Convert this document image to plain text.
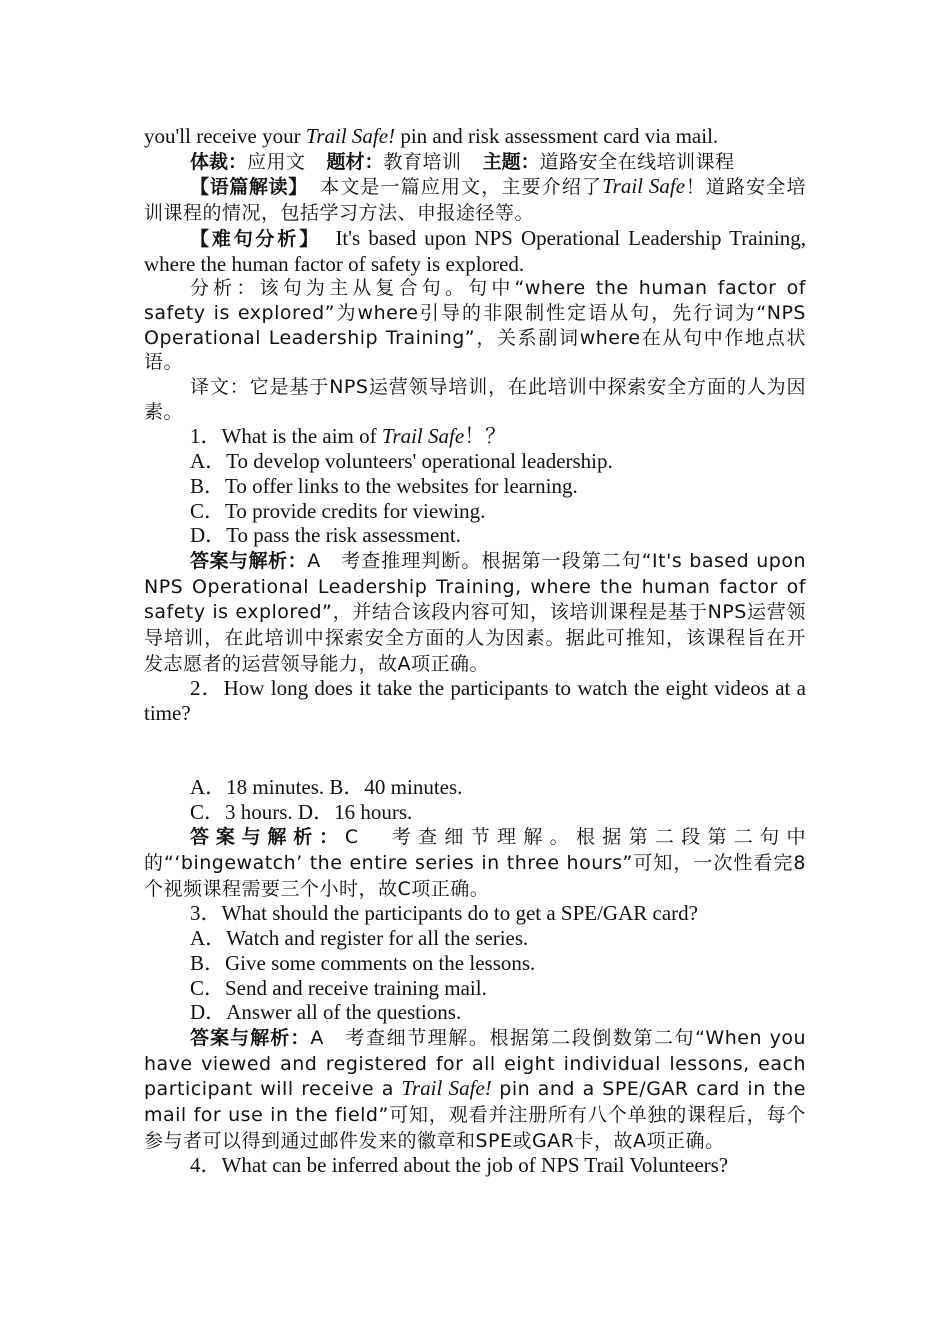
you'll receive your Trail Safe! pin and risk assessment card via mail.

体裁：应用文　 题材：教育培训　 主题：道路安全在线培训课程

【语篇解读】　 本文是一篇应用文，主要介绍了Trail Safe！道路安全培训课程的情况，包括学习方法、申报途径等。

【难句分析】　 It's based upon NPS Operational Leadership Training, where the human factor of safety is explored.

分析：该句为主从复合句。句中“where the human factor of safety is explored”为where引导的非限制性定语从句，先行词为“NPS Operational Leadership Training”，关系副词where在从句中作地点状语。

译文：它是基于NPS运营领导培训，在此培训中探索安全方面的人为因素。

1．What is the aim of Trail Safe！？

A．To develop volunteers' operational leadership.

B．To offer links to the websites for learning.

C．To provide credits for viewing.

D．To pass the risk assessment.

答案与解析：A　考查推理判断。根据第一段第二句“It's based upon NPS Operational Leadership Training, where the human factor of safety is explored”，并结合该段内容可知，该培训课程是基于NPS运营领导培训，在此培训中探索安全方面的人为因素。据此可推知，该课程旨在开发志愿者的运营领导能力，故A项正确。

2．How long does it take the participants to watch the eight videos at a time?

A．18 minutes. B．40 minutes.

C．3 hours. D．16 hours.

答案与解析：C　考查细节理解。根据第二段第二句中的“‘bingewatch’ the entire series in three hours”可知，一次性看完8个视频课程需要三个小时，故C项正确。

3．What should the participants do to get a SPE/GAR card?

A．Watch and register for all the series.

B．Give some comments on the lessons.

C．Send and receive training mail.

D．Answer all of the questions.

答案与解析：A　考查细节理解。根据第二段倒数第二句“When you have viewed and registered for all eight individual lessons, each participant will receive a Trail Safe! pin and a SPE/GAR card in the mail for use in the field”可知，观看并注册所有八个单独的课程后，每个参与者可以得到通过邮件发来的徽章和SPE或GAR卡，故A项正确。

4．What can be inferred about the job of NPS Trail Volunteers?
